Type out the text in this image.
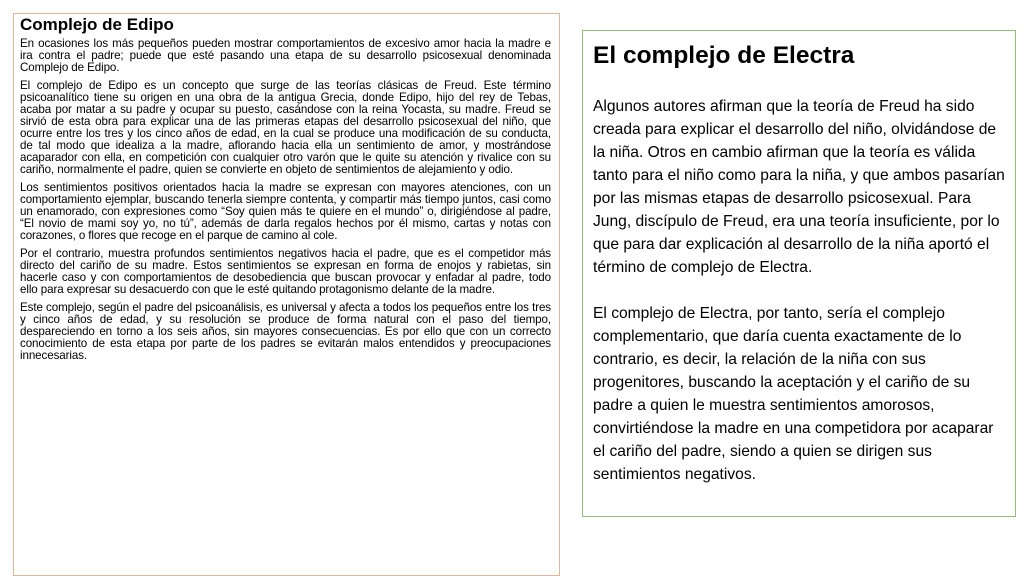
Complejo de Edipo

En ocasiones los más pequeños pueden mostrar comportamientos de excesivo amor hacia la madre e ira contra el padre; puede que esté pasando una etapa de su desarrollo psicosexual denominada Complejo de Edipo.

El complejo de Edipo es un concepto que surge de las teorías clásicas de Freud. Este término psicoanalítico tiene su origen en una obra de la antigua Grecia, donde Edipo, hijo del rey de Tebas, acaba por matar a su padre y ocupar su puesto, casándose con la reina Yocasta, su madre. Freud se sirvió de esta obra para explicar una de las primeras etapas del desarrollo psicosexual del niño, que ocurre entre los tres y los cinco años de edad, en la cual se produce una modificación de su conducta, de tal modo que idealiza a la madre, aflorando hacia ella un sentimiento de amor, y mostrándose acaparador con ella, en competición con cualquier otro varón que le quite su atención y rivalice con su cariño, normalmente el padre, quien se convierte en objeto de sentimientos de alejamiento y odio.

Los sentimientos positivos orientados hacia la madre se expresan con mayores atenciones, con un comportamiento ejemplar, buscando tenerla siempre contenta, y compartir más tiempo juntos, casi como un enamorado, con expresiones como “Soy quien más te quiere en el mundo” o, dirigiéndose al padre, “El novio de mami soy yo, no tú”, además de darla regalos hechos por él mismo, cartas y notas con corazones, o flores que recoge en el parque de camino al cole.

Por el contrario, muestra profundos sentimientos negativos hacia el padre, que es el competidor más directo del cariño de su madre. Estos sentimientos se expresan en forma de enojos y rabietas, sin hacerle caso y con comportamientos de desobediencia que buscan provocar y enfadar al padre, todo ello para expresar su desacuerdo con que le esté quitando protagonismo delante de la madre.

Este complejo, según el padre del psicoanálisis, es universal y afecta a todos los pequeños entre los tres y cinco años de edad, y su resolución se produce de forma natural con el paso del tiempo, despareciendo en torno a los seis años, sin mayores consecuencias. Es por ello que con un correcto conocimiento de esta etapa por parte de los padres se evitarán malos entendidos y preocupaciones innecesarias.

El complejo de Electra

Algunos autores afirman que la teoría de Freud ha sido creada para explicar el desarrollo del niño, olvidándose de la niña. Otros en cambio afirman que la teoría es válida tanto para el niño como para la niña, y que ambos pasarían por las mismas etapas de desarrollo psicosexual. Para Jung, discípulo de Freud, era una teoría insuficiente, por lo que para dar explicación al desarrollo de la niña aportó el término de complejo de Electra.

El complejo de Electra, por tanto, sería el complejo complementario, que daría cuenta exactamente de lo contrario, es decir, la relación de la niña con sus progenitores, buscando la aceptación y el cariño de su padre a quien le muestra sentimientos amorosos, convirtiéndose la madre en una competidora por acaparar el cariño del padre, siendo a quien se dirigen sus sentimientos negativos.
